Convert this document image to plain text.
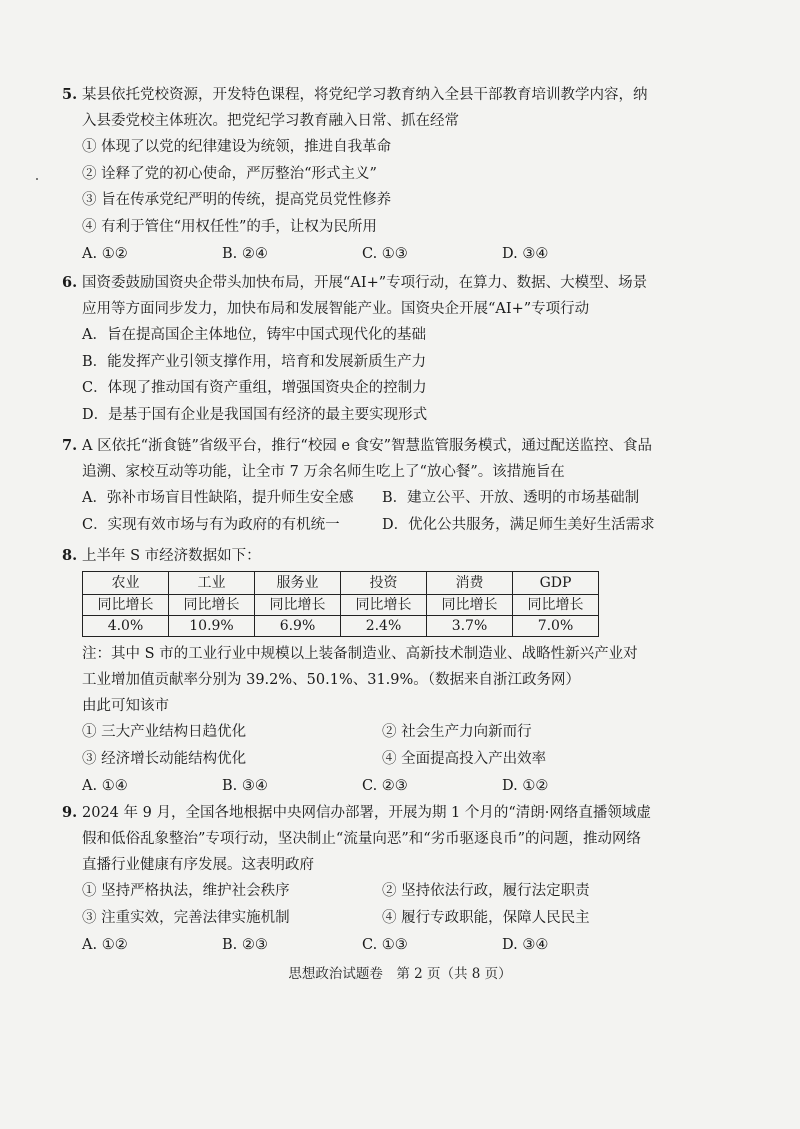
5. 某县依托党校资源，开发特色课程，将党纪学习教育纳入全县干部教育培训教学内容，纳
入县委党校主体班次。把党纪学习教育融入日常、抓在经常
① 体现了以党的纪律建设为统领，推进自我革命
② 诠释了党的初心使命，严厉整治“形式主义”
③ 旨在传承党纪严明的传统，提高党员党性修养
④ 有利于管住“用权任性”的手，让权为民所用
A. ①②	B. ②④	C. ①③	D. ③④
6. 国资委鼓励国资央企带头加快布局，开展“AI+”专项行动，在算力、数据、大模型、场景
应用等方面同步发力，加快布局和发展智能产业。国资央企开展“AI+”专项行动
A．旨在提高国企主体地位，铸牢中国式现代化的基础
B．能发挥产业引领支撑作用，培育和发展新质生产力
C．体现了推动国有资产重组，增强国资央企的控制力
D．是基于国有企业是我国国有经济的最主要实现形式
7. A 区依托“浙食链”省级平台，推行“校园 e 食安”智慧监管服务模式，通过配送监控、食品
追溯、家校互动等功能，让全市 7 万余名师生吃上了“放心餐”。该措施旨在
A．弥补市场盲目性缺陷，提升师生安全感	B．建立公平、开放、透明的市场基础制
C．实现有效市场与有为政府的有机统一	D．优化公共服务，满足师生美好生活需求
8. 上半年 S 市经济数据如下：
农业	工业	服务业	投资	消费	GDP
同比增长	同比增长	同比增长	同比增长	同比增长	同比增长
4.0%	10.9%	6.9%	2.4%	3.7%	7.0%
注：其中 S 市的工业行业中规模以上装备制造业、高新技术制造业、战略性新兴产业对
工业增加值贡献率分别为 39.2%、50.1%、31.9%。（数据来自浙江政务网）
由此可知该市
① 三大产业结构日趋优化	② 社会生产力向新而行
③ 经济增长动能结构优化	④ 全面提高投入产出效率
A. ①④	B. ③④	C. ②③	D. ①②
9. 2024 年 9 月，全国各地根据中央网信办部署，开展为期 1 个月的“清朗·网络直播领域虚
假和低俗乱象整治”专项行动，坚决制止“流量向恶”和“劣币驱逐良币”的问题，推动网络
直播行业健康有序发展。这表明政府
① 坚持严格执法，维护社会秩序	② 坚持依法行政，履行法定职责
③ 注重实效，完善法律实施机制	④ 履行专政职能，保障人民民主
A. ①②	B. ②③	C. ①③	D. ③④
思想政治试题卷　第 2 页（共 8 页）
